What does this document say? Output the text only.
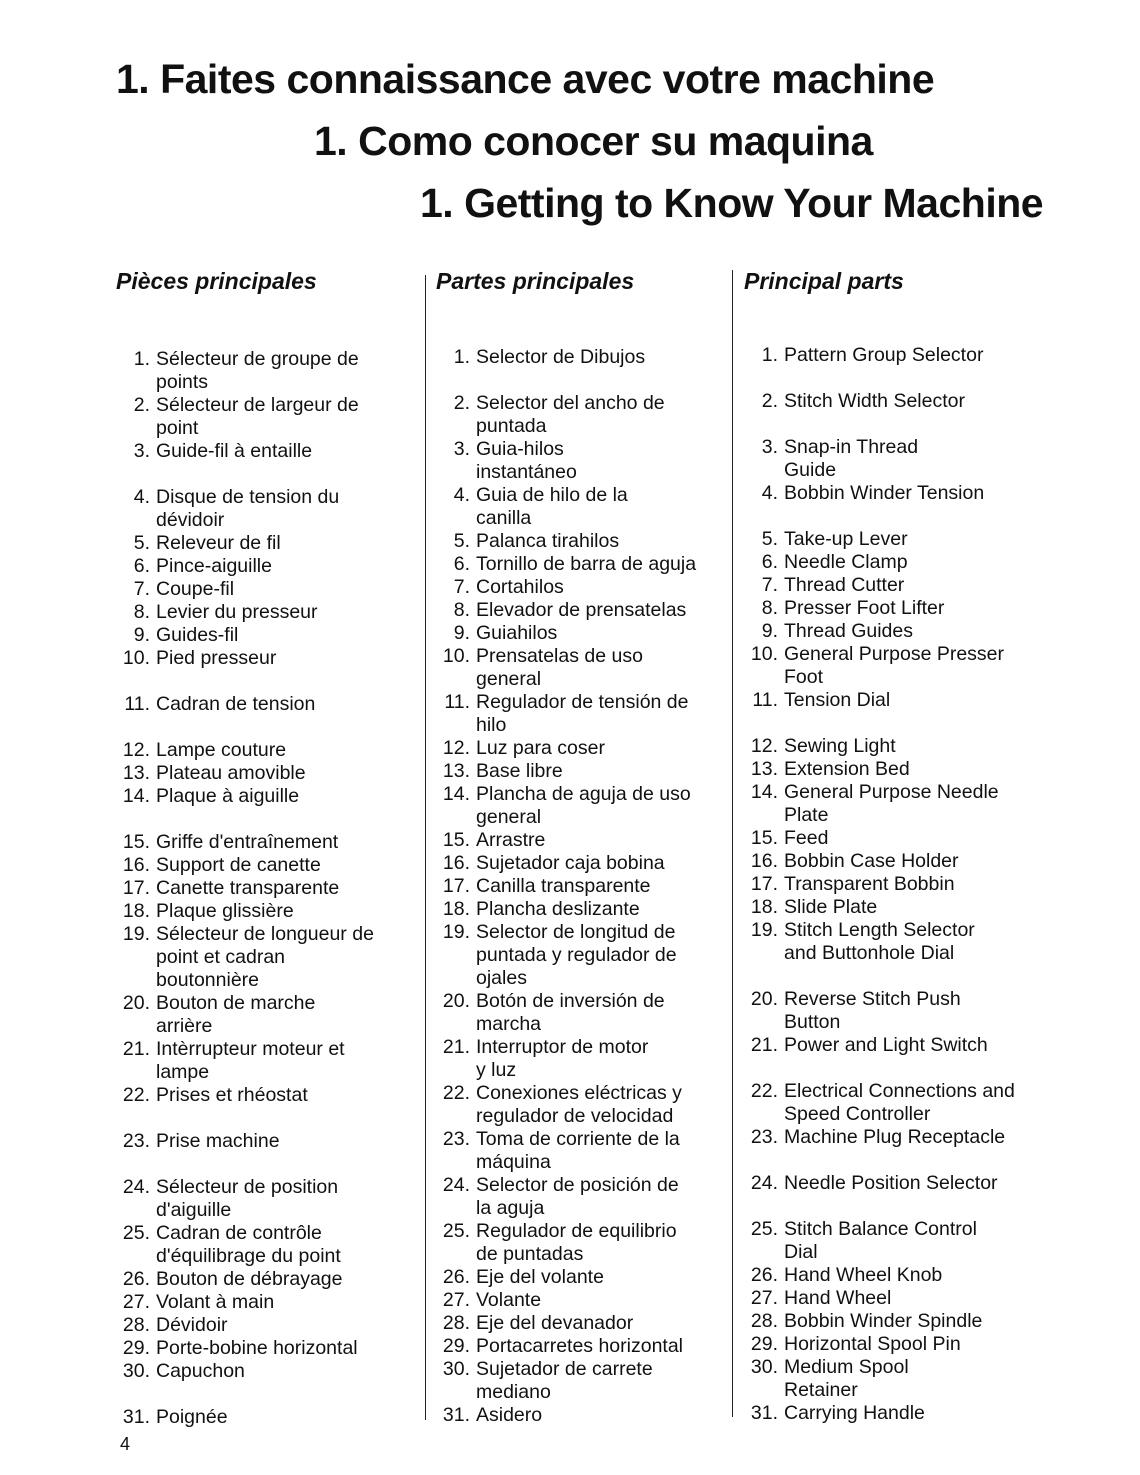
1. Faites connaissance avec votre machine
1. Como conocer su maquina
1. Getting to Know Your Machine
Pièces principales
1. Sélecteur de groupe de
points
2. Sélecteur de largeur de
point
3. Guide-fil à entaille
4. Disque de tension du
dévidoir
5. Releveur de fil
6. Pince-aiguille
7. Coupe-fil
8. Levier du presseur
9. Guides-fil
10. Pied presseur
11. Cadran de tension
12. Lampe couture
13. Plateau amovible
14. Plaque à aiguille
15. Griffe d'entraînement
16. Support de canette
17. Canette transparente
18. Plaque glissière
19. Sélecteur de longueur de
point et cadran
boutonnière
20. Bouton de marche
arrière
21. Intèrrupteur moteur et
lampe
22. Prises et rhéostat
23. Prise machine
24. Sélecteur de position
d'aiguille
25. Cadran de contrôle
d'équilibrage du point
26. Bouton de débrayage
27. Volant à main
28. Dévidoir
29. Porte-bobine horizontal
30. Capuchon
31. Poignée
Partes principales
1. Selector de Dibujos
2. Selector del ancho de
puntada
3. Guia-hilos
instantáneo
4. Guia de hilo de la
canilla
5. Palanca tirahilos
6. Tornillo de barra de aguja
7. Cortahilos
8. Elevador de prensatelas
9. Guiahilos
10. Prensatelas de uso
general
11. Regulador de tensión de
hilo
12. Luz para coser
13. Base libre
14. Plancha de aguja de uso
general
15. Arrastre
16. Sujetador caja bobina
17. Canilla transparente
18. Plancha deslizante
19. Selector de longitud de
puntada y regulador de
ojales
20. Botón de inversión de
marcha
21. Interruptor de motor
y luz
22. Conexiones eléctricas y
regulador de velocidad
23. Toma de corriente de la
máquina
24. Selector de posición de
la aguja
25. Regulador de equilibrio
de puntadas
26. Eje del volante
27. Volante
28. Eje del devanador
29. Portacarretes horizontal
30. Sujetador de carrete
mediano
31. Asidero
Principal parts
1. Pattern Group Selector
2. Stitch Width Selector
3. Snap-in Thread
Guide
4. Bobbin Winder Tension
5. Take-up Lever
6. Needle Clamp
7. Thread Cutter
8. Presser Foot Lifter
9. Thread Guides
10. General Purpose Presser
Foot
11. Tension Dial
12. Sewing Light
13. Extension Bed
14. General Purpose Needle
Plate
15. Feed
16. Bobbin Case Holder
17. Transparent Bobbin
18. Slide Plate
19. Stitch Length Selector
and Buttonhole Dial
20. Reverse Stitch Push
Button
21. Power and Light Switch
22. Electrical Connections and
Speed Controller
23. Machine Plug Receptacle
24. Needle Position Selector
25. Stitch Balance Control
Dial
26. Hand Wheel Knob
27. Hand Wheel
28. Bobbin Winder Spindle
29. Horizontal Spool Pin
30. Medium Spool
Retainer
31. Carrying Handle
4
